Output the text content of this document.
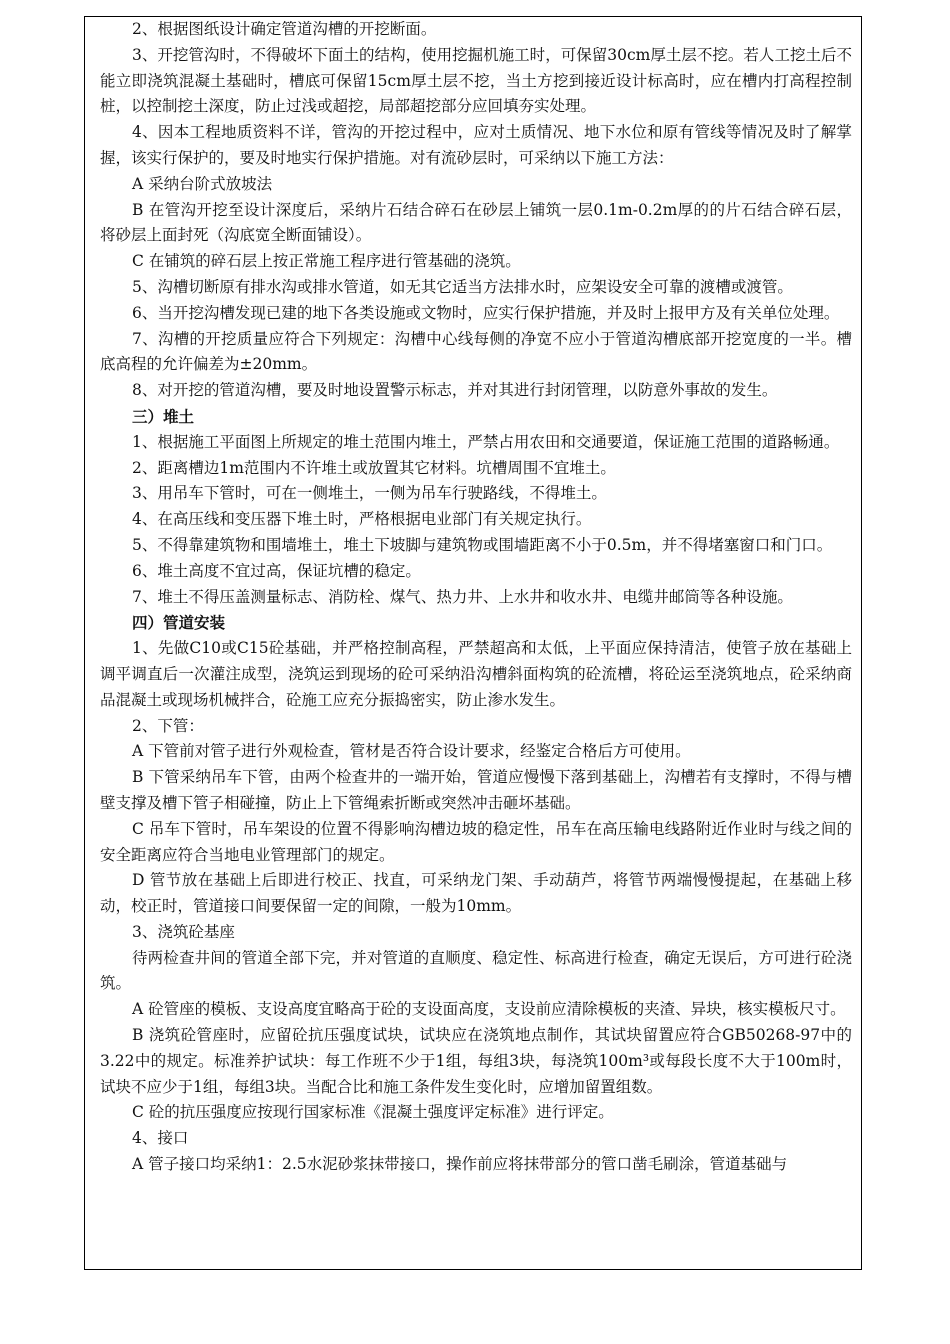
2、根据图纸设计确定管道沟槽的开挖断面。

3、开挖管沟时，不得破坏下面土的结构，使用挖掘机施工时，可保留30cm厚土层不挖。若人工挖土后不能立即浇筑混凝土基础时，槽底可保留15cm厚土层不挖，当土方挖到接近设计标高时，应在槽内打高程控制桩，以控制挖土深度，防止过浅或超挖，局部超挖部分应回填夯实处理。

4、因本工程地质资料不详，管沟的开挖过程中，应对土质情况、地下水位和原有管线等情况及时了解掌握，该实行保护的，要及时地实行保护措施。对有流砂层时，可采纳以下施工方法：

A 采纳台阶式放坡法

B 在管沟开挖至设计深度后，采纳片石结合碎石在砂层上铺筑一层0.1m-0.2m厚的的片石结合碎石层，将砂层上面封死（沟底宽全断面铺设）。

C 在铺筑的碎石层上按正常施工程序进行管基础的浇筑。

5、沟槽切断原有排水沟或排水管道，如无其它适当方法排水时，应架设安全可靠的渡槽或渡管。

6、当开挖沟槽发现已建的地下各类设施或文物时，应实行保护措施，并及时上报甲方及有关单位处理。

7、沟槽的开挖质量应符合下列规定：沟槽中心线每侧的净宽不应小于管道沟槽底部开挖宽度的一半。槽底高程的允许偏差为±20mm。

8、对开挖的管道沟槽，要及时地设置警示标志，并对其进行封闭管理，以防意外事故的发生。

三）堆土

1、根据施工平面图上所规定的堆土范围内堆土，严禁占用农田和交通要道，保证施工范围的道路畅通。

2、距离槽边1m范围内不许堆土或放置其它材料。坑槽周围不宜堆土。

3、用吊车下管时，可在一侧堆土，一侧为吊车行驶路线，不得堆土。

4、在高压线和变压器下堆土时，严格根据电业部门有关规定执行。

5、不得靠建筑物和围墙堆土，堆土下坡脚与建筑物或围墙距离不小于0.5m，并不得堵塞窗口和门口。

6、堆土高度不宜过高，保证坑槽的稳定。

7、堆土不得压盖测量标志、消防栓、煤气、热力井、上水井和收水井、电缆井邮筒等各种设施。

四）管道安装

1、先做C10或C15砼基础，并严格控制高程，严禁超高和太低，上平面应保持清洁，使管子放在基础上调平调直后一次灌注成型，浇筑运到现场的砼可采纳沿沟槽斜面构筑的砼流槽，将砼运至浇筑地点，砼采纳商品混凝土或现场机械拌合，砼施工应充分振捣密实，防止渗水发生。

2、下管：

A 下管前对管子进行外观检查，管材是否符合设计要求，经鉴定合格后方可使用。

B 下管采纳吊车下管，由两个检查井的一端开始，管道应慢慢下落到基础上，沟槽若有支撑时，不得与槽壁支撑及槽下管子相碰撞，防止上下管绳索折断或突然冲击砸坏基础。

C 吊车下管时，吊车架设的位置不得影响沟槽边坡的稳定性，吊车在高压输电线路附近作业时与线之间的安全距离应符合当地电业管理部门的规定。

D 管节放在基础上后即进行校正、找直，可采纳龙门架、手动葫芦，将管节两端慢慢提起，在基础上移动，校正时，管道接口间要保留一定的间隙，一般为10mm。

3、浇筑砼基座

待两检查井间的管道全部下完，并对管道的直顺度、稳定性、标高进行检查，确定无误后，方可进行砼浇筑。

A 砼管座的模板、支设高度宜略高于砼的支设面高度，支设前应清除模板的夹渣、异块，核实模板尺寸。

B 浇筑砼管座时，应留砼抗压强度试块，试块应在浇筑地点制作，其试块留置应符合GB50268-97中的3.22中的规定。标准养护试块：每工作班不少于1组，每组3块，每浇筑100m³或每段长度不大于100m时，试块不应少于1组，每组3块。当配合比和施工条件发生变化时，应增加留置组数。

C 砼的抗压强度应按现行国家标准《混凝土强度评定标准》进行评定。

4、接口

A 管子接口均采纳1：2.5水泥砂浆抹带接口，操作前应将抹带部分的管口凿毛刷涂，管道基础与
